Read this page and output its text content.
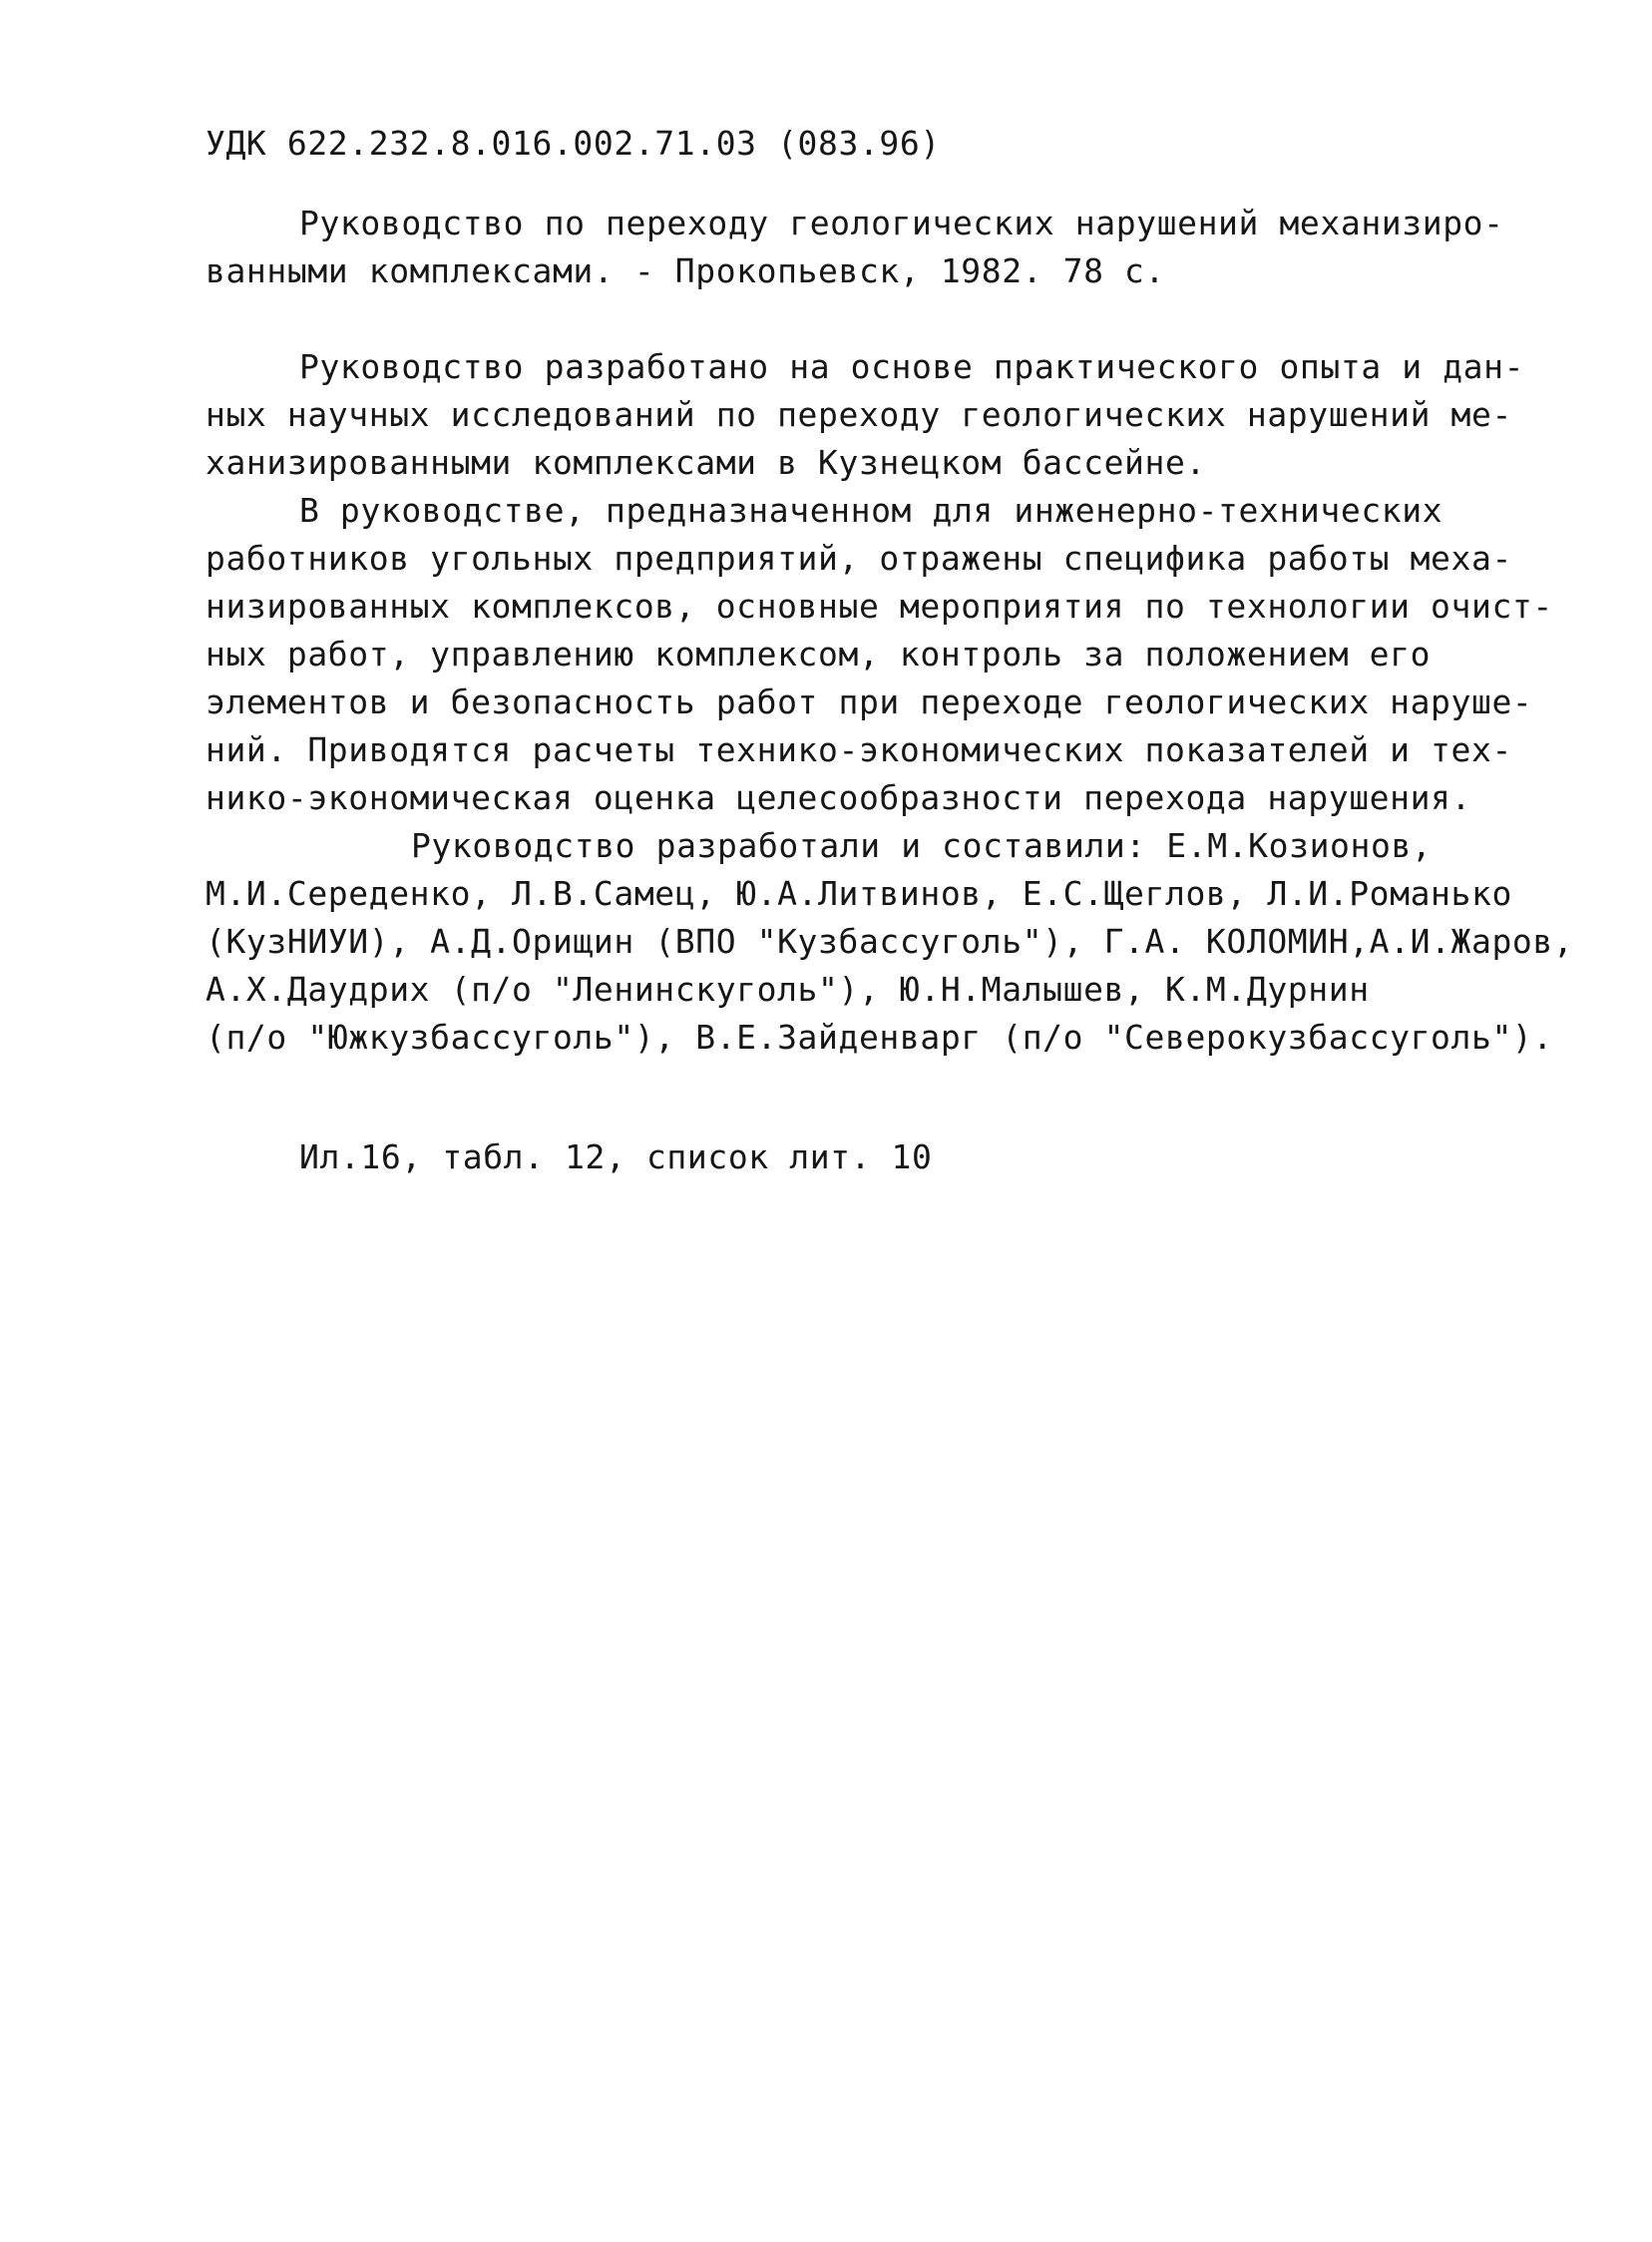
УДК 622.232.8.016.002.71.03 (083.96)

Руководство по переходу геологических нарушений механизиро-

ванными комплексами. - Прокопьевск, 1982. 78 с.

Руководство разработано на основе практического опыта и дан-

ных научных исследований по переходу геологических нарушений ме-

ханизированными комплексами в Кузнецком бассейне.

В руководстве, предназначенном для инженерно-технических

работников угольных предприятий, отражены специфика работы меха-

низированных комплексов, основные мероприятия по технологии очист-

ных работ, управлению комплексом, контроль за положением его

элементов и безопасность работ при переходе геологических наруше-

ний. Приводятся расчеты технико-экономических показателей и тех-

нико-экономическая оценка целесообразности перехода нарушения.

Руководство разработали и составили: Е.М.Козионов,

М.И.Середенко, Л.В.Самец, Ю.А.Литвинов, Е.С.Щеглов, Л.И.Романько

(КузНИУИ), А.Д.Орищин (ВПО "Кузбассуголь"), Г.А. КОЛОМИН,А.И.Жаров,

А.Х.Даудрих (п/о "Ленинскуголь"), Ю.Н.Малышев, К.М.Дурнин

(п/о "Южкузбассуголь"), В.Е.Зайденварг (п/о "Северокузбассуголь").

Ил.16, табл. 12, список лит. 10
